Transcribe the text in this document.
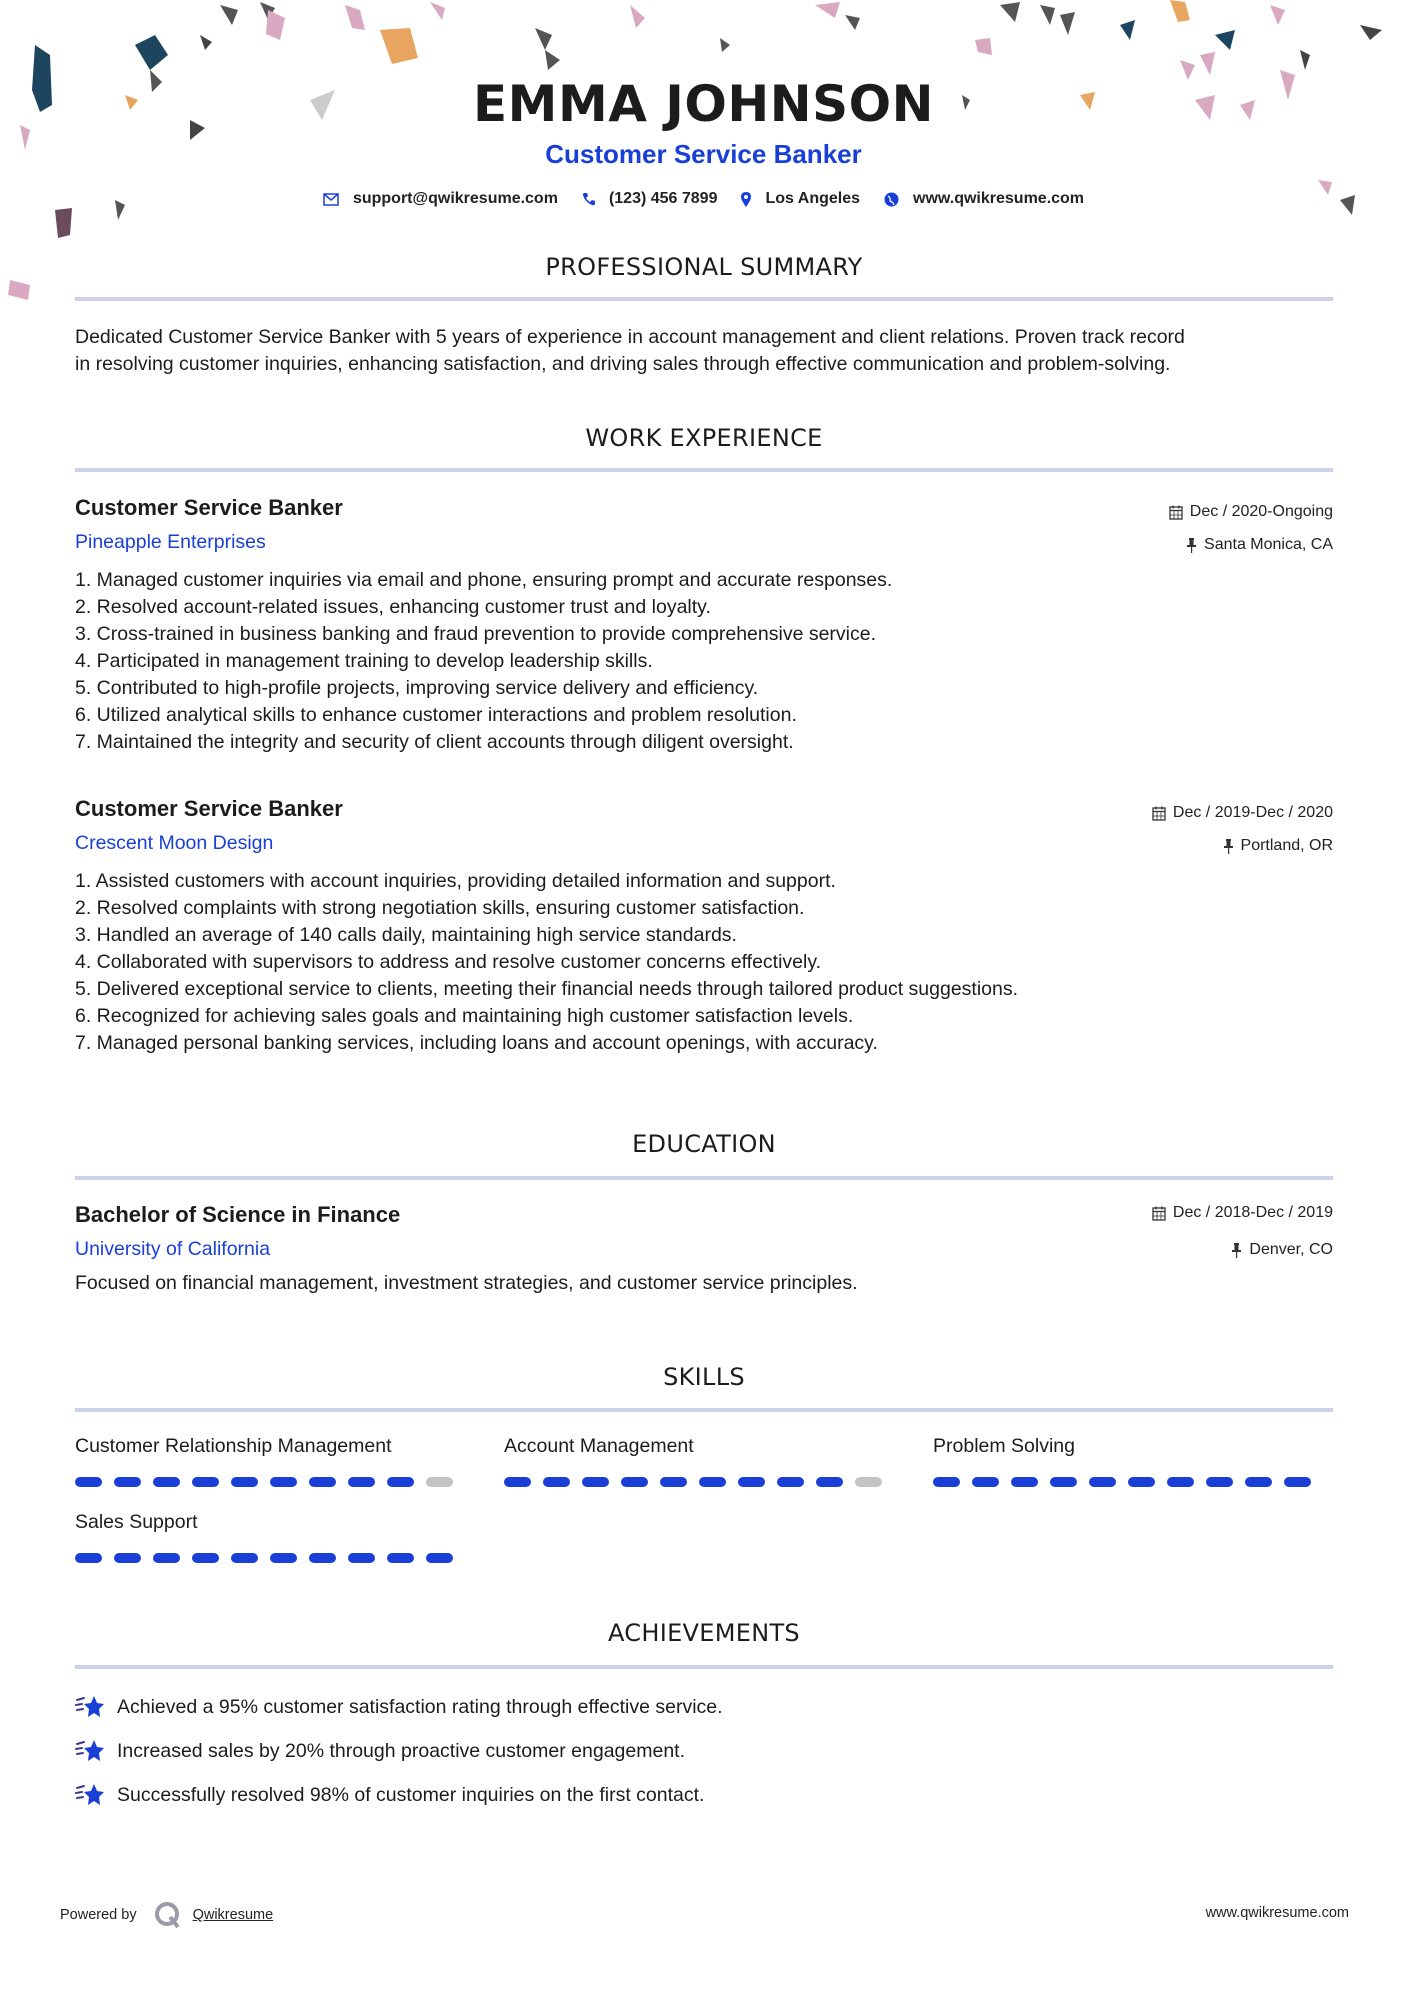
EMMA JOHNSON
Customer Service Banker
support@qwikresume.com	(123) 456 7899	Los Angeles	www.qwikresume.com
PROFESSIONAL SUMMARY
Dedicated Customer Service Banker with 5 years of experience in account management and client relations. Proven track record
in resolving customer inquiries, enhancing satisfaction, and driving sales through effective communication and problem-solving.
WORK EXPERIENCE
Customer Service Banker	Dec / 2020-Ongoing
Santa Monica, CA
Pineapple Enterprises
1. Managed customer inquiries via email and phone, ensuring prompt and accurate responses.
2. Resolved account-related issues, enhancing customer trust and loyalty.
3. Cross-trained in business banking and fraud prevention to provide comprehensive service.
4. Participated in management training to develop leadership skills.
5. Contributed to high-profile projects, improving service delivery and efficiency.
6. Utilized analytical skills to enhance customer interactions and problem resolution.
7. Maintained the integrity and security of client accounts through diligent oversight.
Customer Service Banker	Dec / 2019-Dec / 2020
Portland, OR
Crescent Moon Design
1. Assisted customers with account inquiries, providing detailed information and support.
2. Resolved complaints with strong negotiation skills, ensuring customer satisfaction.
3. Handled an average of 140 calls daily, maintaining high service standards.
4. Collaborated with supervisors to address and resolve customer concerns effectively.
5. Delivered exceptional service to clients, meeting their financial needs through tailored product suggestions.
6. Recognized for achieving sales goals and maintaining high customer satisfaction levels.
7. Managed personal banking services, including loans and account openings, with accuracy.
EDUCATION
Bachelor of Science in Finance	Dec / 2018-Dec / 2019
Denver, CO
University of California
Focused on financial management, investment strategies, and customer service principles.
SKILLS
Customer Relationship Management	Account Management	Problem Solving
Sales Support
ACHIEVEMENTS
Achieved a 95% customer satisfaction rating through effective service.
Increased sales by 20% through proactive customer engagement.
Successfully resolved 98% of customer inquiries on the first contact.
Powered by	Qwikresume	www.qwikresume.com
